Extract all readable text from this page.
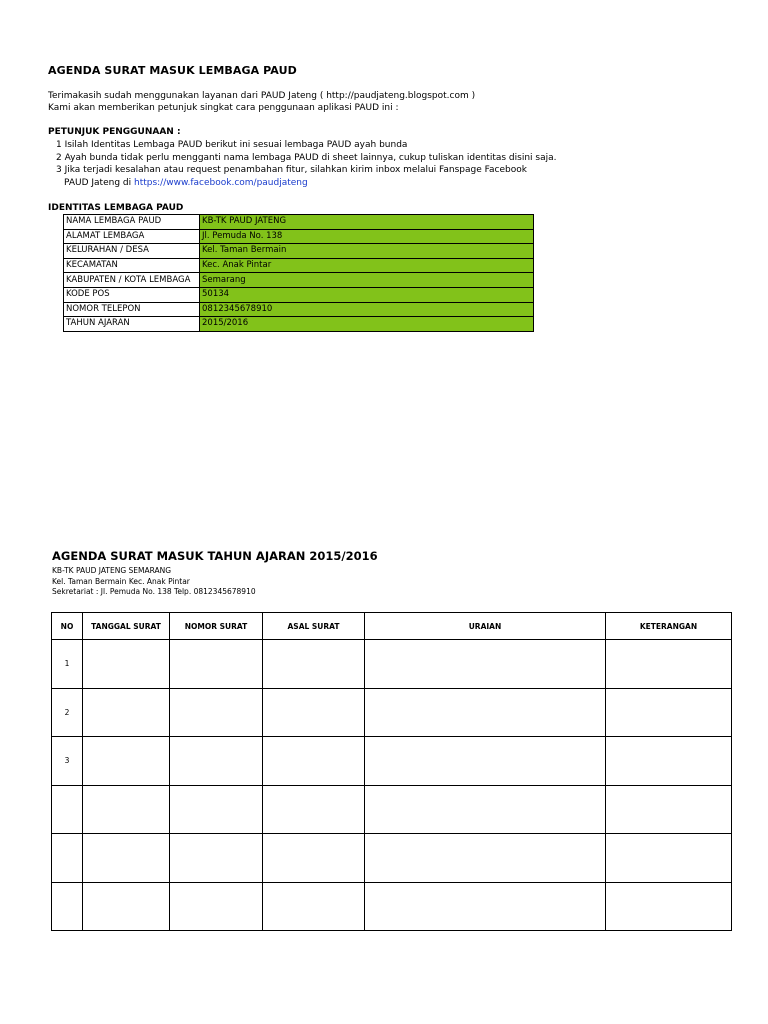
AGENDA SURAT MASUK LEMBAGA PAUD
Terimakasih sudah menggunakan layanan dari PAUD Jateng ( http://paudjateng.blogspot.com )
Kami akan memberikan petunjuk singkat cara penggunaan aplikasi PAUD ini :
PETUNJUK PENGGUNAAN :
1 Isilah Identitas Lembaga PAUD berikut ini sesuai lembaga PAUD ayah bunda
2 Ayah bunda tidak perlu mengganti nama lembaga PAUD di sheet lainnya, cukup tuliskan identitas disini saja.
3 Jika terjadi kesalahan atau request penambahan fitur, silahkan kirim inbox melalui Fanspage Facebook
PAUD Jateng di https://www.facebook.com/paudjateng
IDENTITAS LEMBAGA PAUD
NAMA LEMBAGA PAUD	KB-TK PAUD JATENG
ALAMAT LEMBAGA	Jl. Pemuda No. 138
KELURAHAN / DESA	Kel. Taman Bermain
KECAMATAN	Kec. Anak Pintar
KABUPATEN / KOTA LEMBAGA	Semarang
KODE POS	50134
NOMOR TELEPON	0812345678910
TAHUN AJARAN	2015/2016
AGENDA SURAT MASUK TAHUN AJARAN 2015/2016
KB-TK PAUD JATENG SEMARANG
Kel. Taman Bermain Kec. Anak Pintar
Sekretariat : Jl. Pemuda No. 138 Telp. 0812345678910
NO	TANGGAL SURAT	NOMOR SURAT	ASAL SURAT	URAIAN	KETERANGAN
1					
2					
3					
